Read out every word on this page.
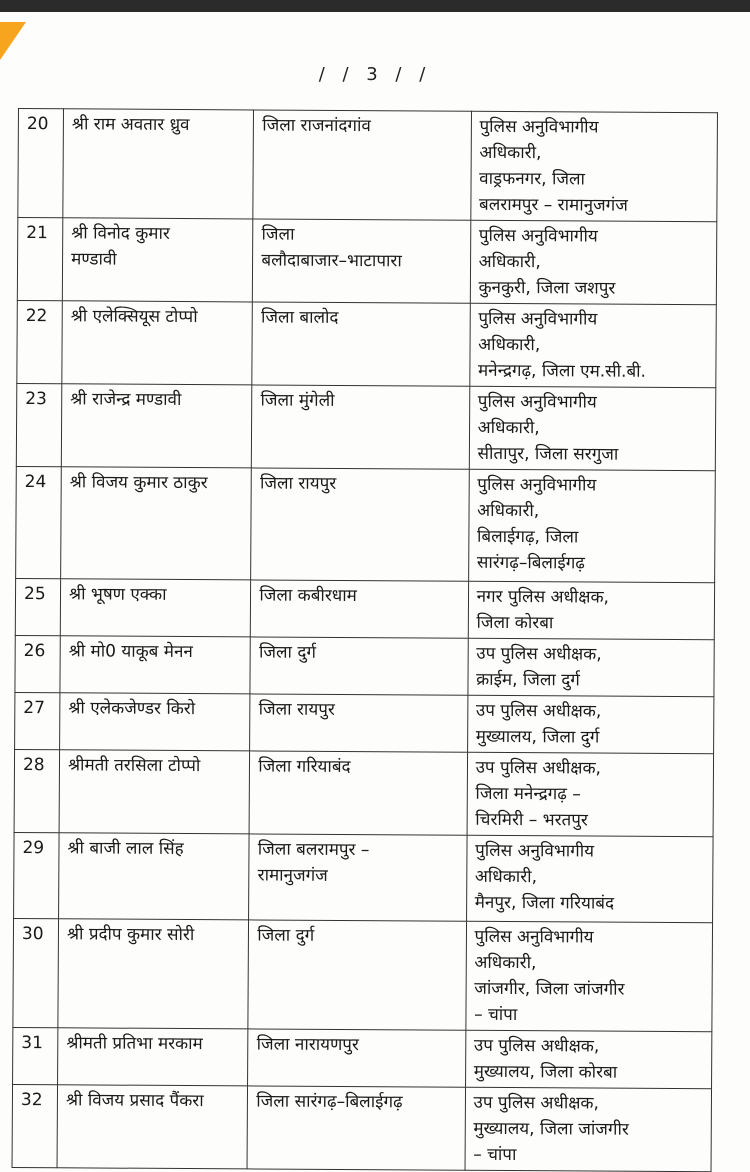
/ / 3 / /
20	श्री राम अवतार ध्रुव	जिला राजनांदगांव	पुलिस अनुविभागीय
अधिकारी,
वाड्रफनगर, जिला
बलरामपुर – रामानुजगंज

21	श्री विनोद कुमार
मण्डावी	जिला
बलौदाबाजार–भाटापारा	पुलिस अनुविभागीय
अधिकारी,
कुनकुरी, जिला जशपुर

22	श्री एलेक्सियूस टोप्पो	जिला बालोद	पुलिस अनुविभागीय
अधिकारी,
मनेन्द्रगढ़, जिला एम.सी.बी.

23	श्री राजेन्द्र मण्डावी	जिला मुंगेली	पुलिस अनुविभागीय
अधिकारी,
सीतापुर, जिला सरगुजा

24	श्री विजय कुमार ठाकुर	जिला रायपुर	पुलिस अनुविभागीय
अधिकारी,
बिलाईगढ़, जिला
सारंगढ़–बिलाईगढ़

25	श्री भूषण एक्का	जिला कबीरधाम	नगर पुलिस अधीक्षक,
जिला कोरबा

26	श्री मो0 याकूब मेनन	जिला दुर्ग	उप पुलिस अधीक्षक,
क्राईम, जिला दुर्ग

27	श्री एलेकजेण्डर किरो	जिला रायपुर	उप पुलिस अधीक्षक,
मुख्यालय, जिला दुर्ग

28	श्रीमती तरसिला टोप्पो	जिला गरियाबंद	उप पुलिस अधीक्षक,
जिला मनेन्द्रगढ़ –
चिरमिरी – भरतपुर

29	श्री बाजी लाल सिंह	जिला बलरामपुर –
रामानुजगंज	पुलिस अनुविभागीय
अधिकारी,
मैनपुर, जिला गरियाबंद

30	श्री प्रदीप कुमार सोरी	जिला दुर्ग	पुलिस अनुविभागीय
अधिकारी,
जांजगीर, जिला जांजगीर
– चांपा

31	श्रीमती प्रतिभा मरकाम	जिला नारायणपुर	उप पुलिस अधीक्षक,
मुख्यालय, जिला कोरबा

32	श्री विजय प्रसाद पैंकरा	जिला सारंगढ़–बिलाईगढ़	उप पुलिस अधीक्षक,
मुख्यालय, जिला जांजगीर
– चांपा
